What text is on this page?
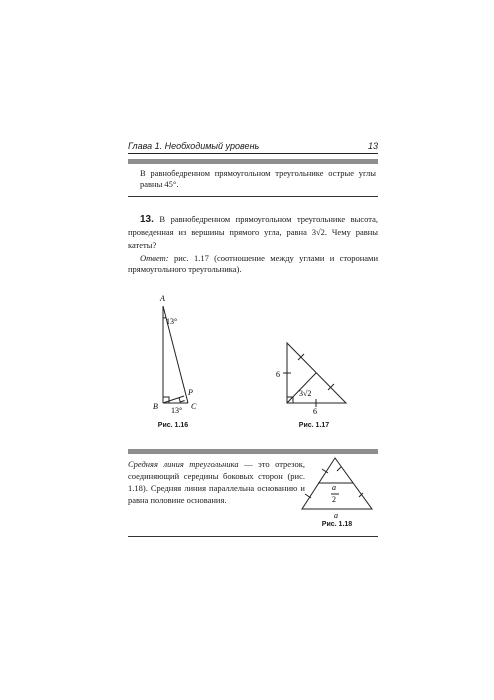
Глава 1. Необходимый уровень	13
В равнобедренном прямоугольном треугольнике острые углы равны 45°.
13. В равнобедренном прямоугольном треугольнике высота, проведенная из вершины прямого угла, равна 3√2. Чему равны катеты?
Ответ: рис. 1.17 (соотношение между углами и сторонами прямоугольного треугольника).
A
B	C
P
13°
13°
6
6
3√2
a
2
a
Рис. 1.16	Рис. 1.17
Средняя линия треугольника — это отрезок, соединяющий середины боковых сторон (рис. 1.18). Средняя линия параллельна основанию и равна половине основания.
Рис. 1.18
